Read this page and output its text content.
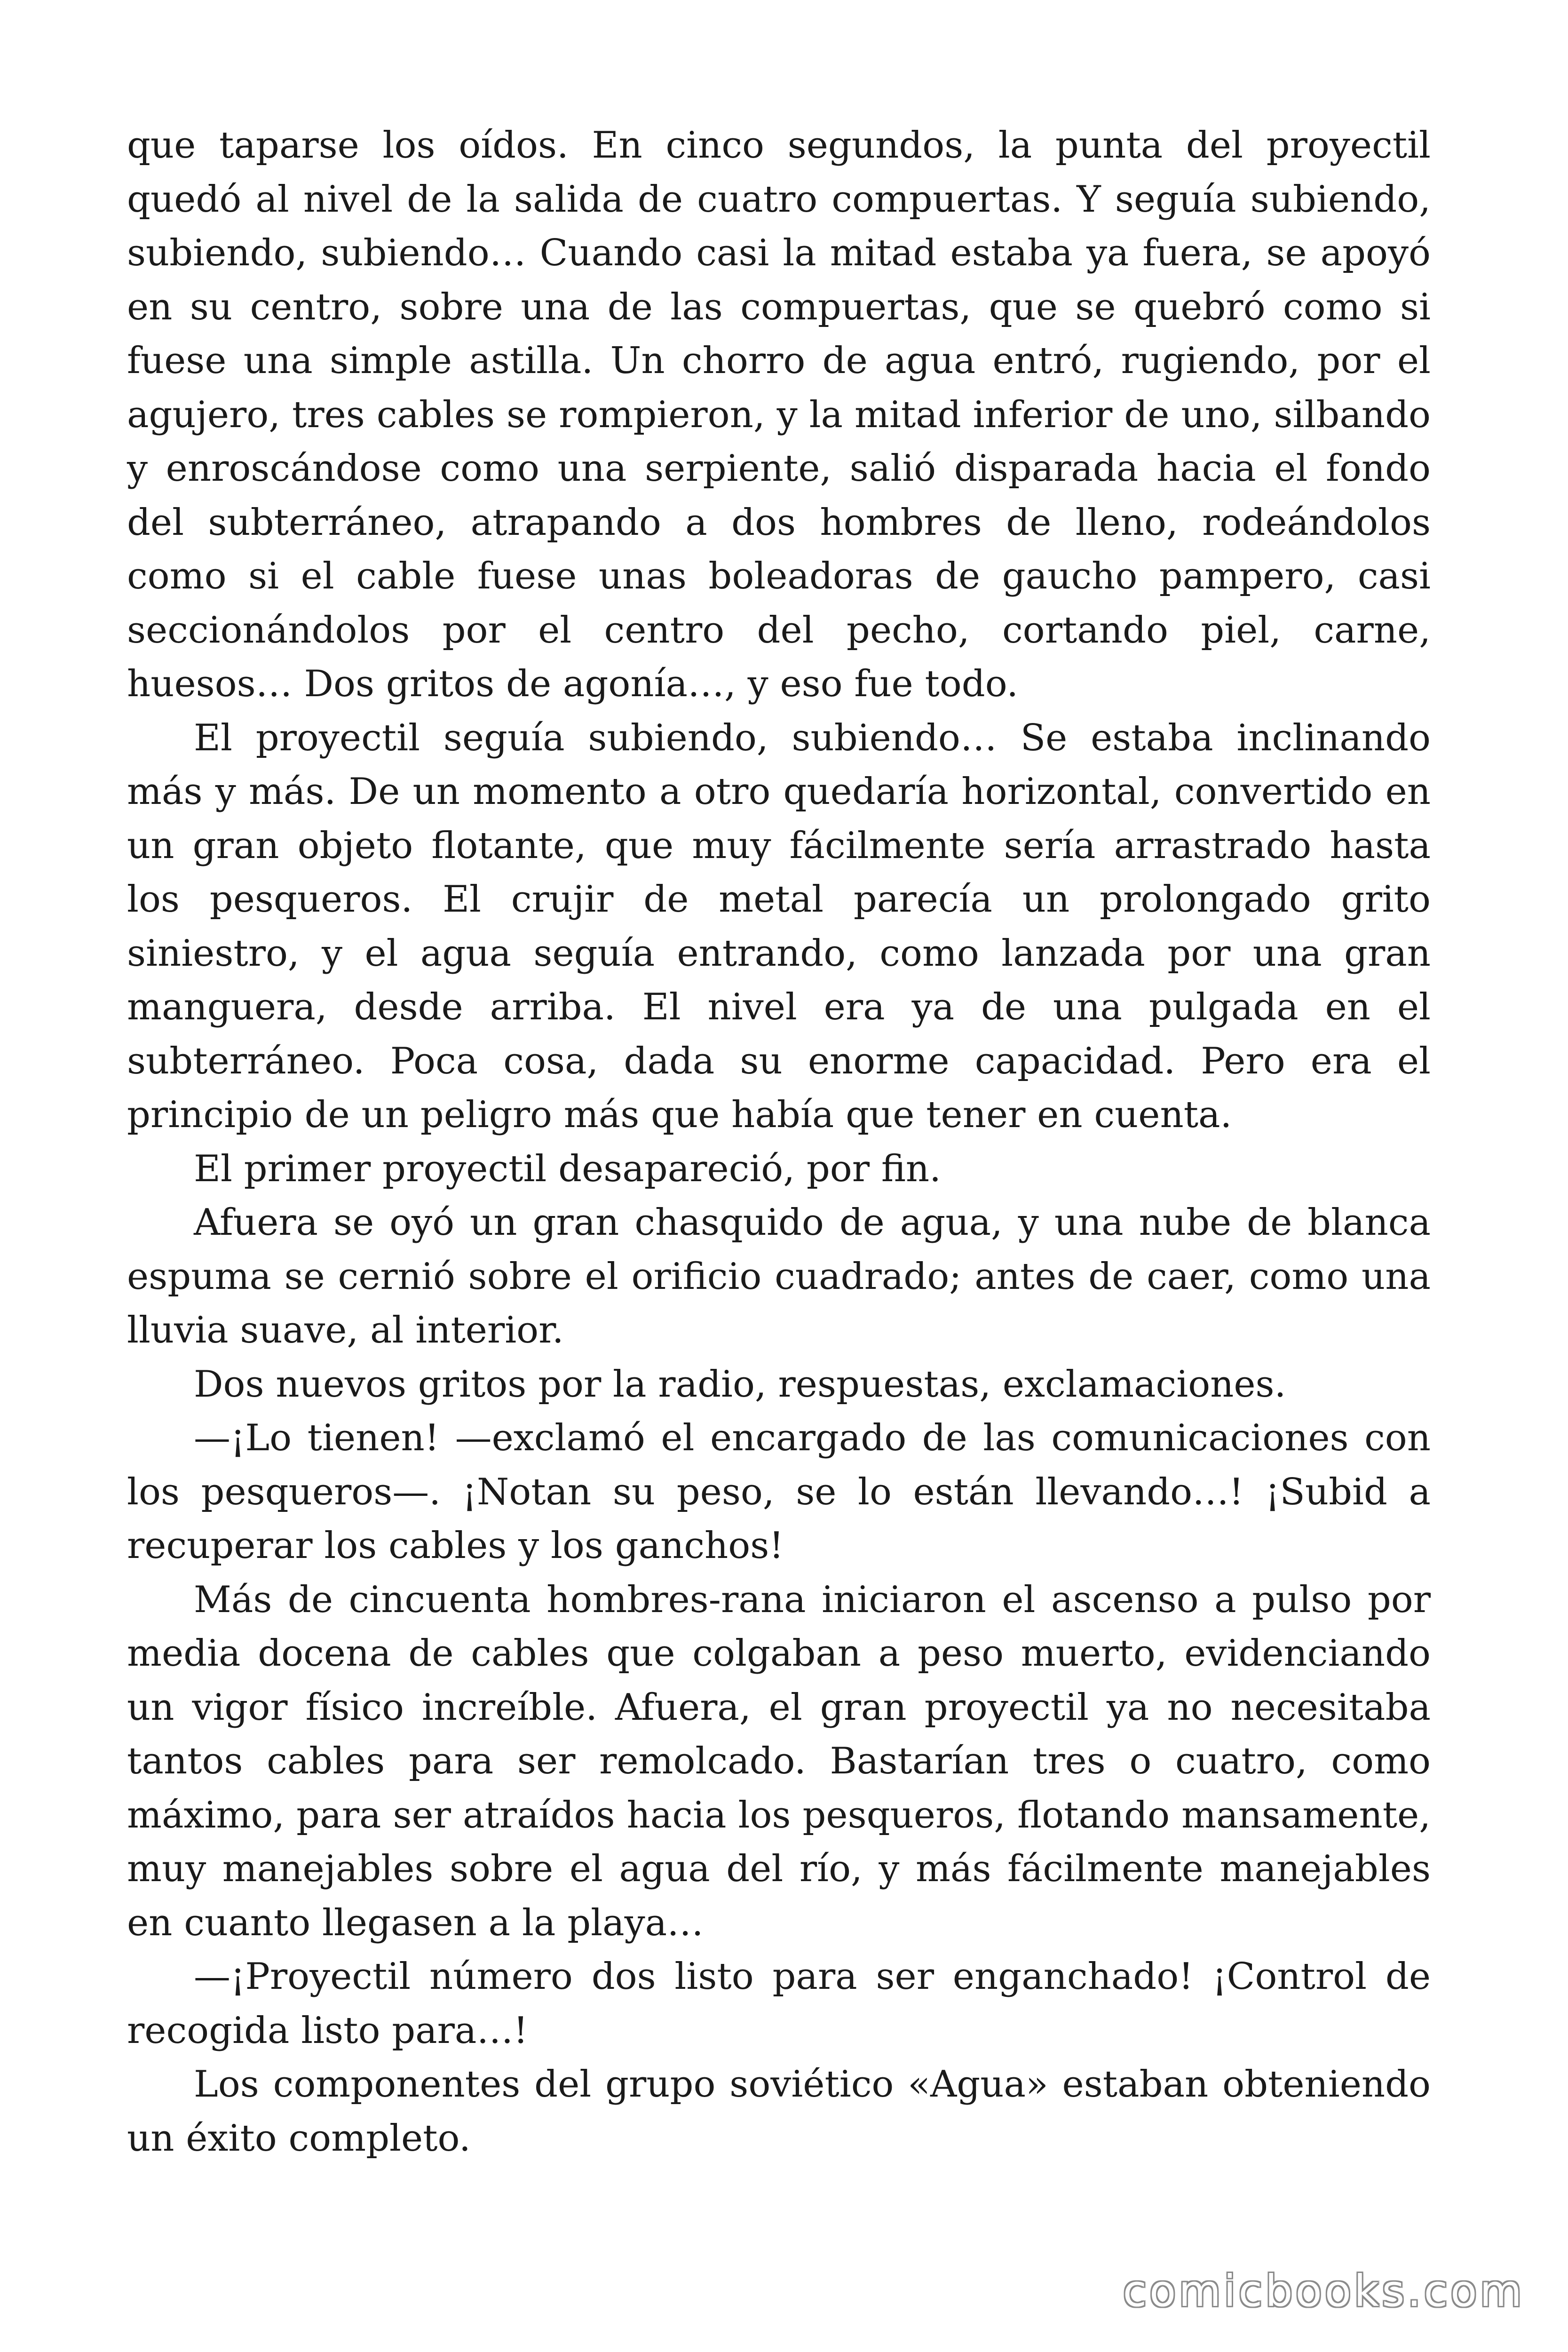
que taparse los oídos. En cinco segundos, la punta del proyectil quedó al nivel de la salida de cuatro compuertas. Y seguía subiendo, subiendo, subiendo… Cuando casi la mitad estaba ya fuera, se apoyó en su centro, sobre una de las compuertas, que se quebró como si fuese una simple astilla. Un chorro de agua entró, rugiendo, por el agujero, tres cables se rompieron, y la mitad inferior de uno, silbando y enroscándose como una serpiente, salió disparada hacia el fondo del subterráneo, atrapando a dos hombres de lleno, rodeándolos como si el cable fuese unas boleadoras de gaucho pampero, casi seccionándolos por el centro del pecho, cortando piel, carne, huesos… Dos gritos de agonía…, y eso fue todo.

El proyectil seguía subiendo, subiendo… Se estaba inclinando más y más. De un momento a otro quedaría horizontal, convertido en un gran objeto flotante, que muy fácilmente sería arrastrado hasta los pesqueros. El crujir de metal parecía un prolongado grito siniestro, y el agua seguía entrando, como lanzada por una gran manguera, desde arriba. El nivel era ya de una pulgada en el subterráneo. Poca cosa, dada su enorme capacidad. Pero era el principio de un peligro más que había que tener en cuenta.

El primer proyectil desapareció, por fin.

Afuera se oyó un gran chasquido de agua, y una nube de blanca espuma se cernió sobre el orificio cuadrado; antes de caer, como una lluvia suave, al interior.

Dos nuevos gritos por la radio, respuestas, exclamaciones.

—¡Lo tienen! —exclamó el encargado de las comunicaciones con los pesqueros—. ¡Notan su peso, se lo están llevando…! ¡Subid a recuperar los cables y los ganchos!

Más de cincuenta hombres-rana iniciaron el ascenso a pulso por media docena de cables que colgaban a peso muerto, evidenciando un vigor físico increíble. Afuera, el gran proyectil ya no necesitaba tantos cables para ser remolcado. Bastarían tres o cuatro, como máximo, para ser atraídos hacia los pesqueros, flotando mansamente, muy manejables sobre el agua del río, y más fácilmente manejables en cuanto llegasen a la playa…

—¡Proyectil número dos listo para ser enganchado! ¡Control de recogida listo para…!

Los componentes del grupo soviético «Agua» estaban obteniendo un éxito completo.

comicbooks.com
